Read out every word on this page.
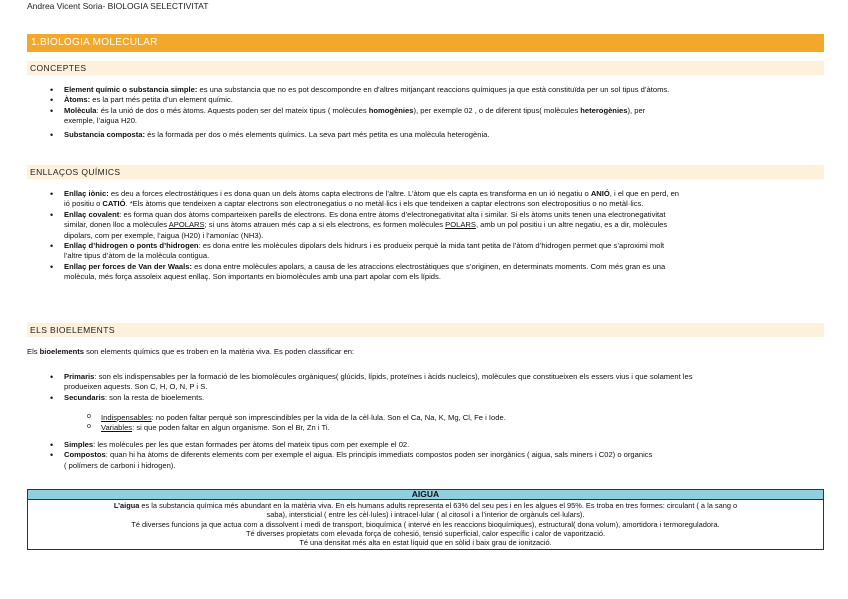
Andrea Vicent Soria- BIOLOGIA SELECTIVITAT
1.BIOLOGIA MOLECULAR
CONCEPTES
• Element químic o substancia simple: es una substancia que no es pot descompondre en d’altres mitjançant reaccions químiques ja que està constituïda per un sol tipus d’àtoms.
• Àtoms: es la part més petita d’un element químic.
• Molècula: és la unió de dos o més àtoms. Aquests poden ser del mateix tipus ( molècules homogènies), per exemple 02 , o de diferent tipus( molècules heterogènies), per
exemple, l’aigua H20.
• Substancia composta: és la formada per dos o més elements químics. La seva part més petita es una molècula heterogènia.
ENLLAÇOS QUÍMICS
• Enllaç iònic: es deu a forces electrostàtiques i es dona quan un dels àtoms capta electrons de l’altre. L’àtom que els capta es transforma en un ió negatiu o ANIÓ, i el que en perd, en
ió positiu o CATIÓ. *Els àtoms que tendeixen a captar electrons son electronegatius o no metàl·lics i els que tendeixen a captar electrons son electropositius o no metàl·lics.
• Enllaç covalent: es forma quan dos àtoms comparteixen parells de electrons. Es dona entre àtoms d’electronegativitat alta i similar. Si els àtoms units tenen una electronegativitat
similar, donen lloc a molècules APOLARS; si uns àtoms atrauen més cap a si els electrons, es formen molècules POLARS, amb un pol positiu i un altre negatiu, es a dir, molècules
dipolars, com per exemple, l’aigua (H20) i l’amoníac (NH3).
• Enllaç d’hidrogen o ponts d’hidrogen: es dona entre les molècules dipolars dels hidrurs i es produeix perquè la mida tant petita de l’àtom d’hidrogen permet que s’aproximi molt
l’altre tipus d’àtom de la molècula contigua.
• Enllaç per forces de Van der Waals: es dona entre molècules apolars, a causa de les atraccions electrostàtiques que s’originen, en determinats moments. Com més gran es una
molècula, més força assoleix aquest enllaç. Son importants en biomolècules amb una part apolar com els lípids.
ELS BIOELEMENTS
Els bioelements son elements químics que es troben en la matèria viva. Es poden classificar en:
• Primaris: son els indispensables per la formació de les biomolècules orgàniques( glúcids, lípids, proteïnes i àcids nucleics), molècules que constitueixen els essers vius i que solament les
produeixen aquests. Son C, H, O, N, P i S.
• Secundaris: son la resta de bioelements.
o Indispensables: no poden faltar perquè son imprescindibles per la vida de la cèl·lula. Son el Ca, Na, K, Mg, Cl, Fe i Iode.
o Variables: si que poden faltar en algun organisme. Son el Br, Zn i Ti.
• Simples: les molècules per les que estan formades per àtoms del mateix tipus com per exemple el 02.
• Compostos: quan hi ha àtoms de diferents elements com per exemple el aigua. Els principis immediats compostos poden ser inorgànics ( aigua, sals miners i C02) o organics
( polímers de carboni i hidrogen).
AIGUA

L’aigua es la substancia química més abundant en la matèria viva. En els humans adults representa el 63% del seu pes i en les algues el 95%. Es troba en tres formes: circulant ( a la sang o
saba), intersticial ( entre les cèl·lules) i intracel·lular ( al citosol i a l’interior de orgànuls cel·lulars).
Té diverses funcions ja que actua com a dissolvent i medi de transport, bioquímica ( intervé en les reaccions bioquímiques), estructural( dona volum), amortidora i termoreguladora.
Té diverses propietats com elevada força de cohesió, tensió superficial, calor específic i calor de vaporització.
Té una densitat més alta en estat líquid que en sòlid i baix grau de ionització.
